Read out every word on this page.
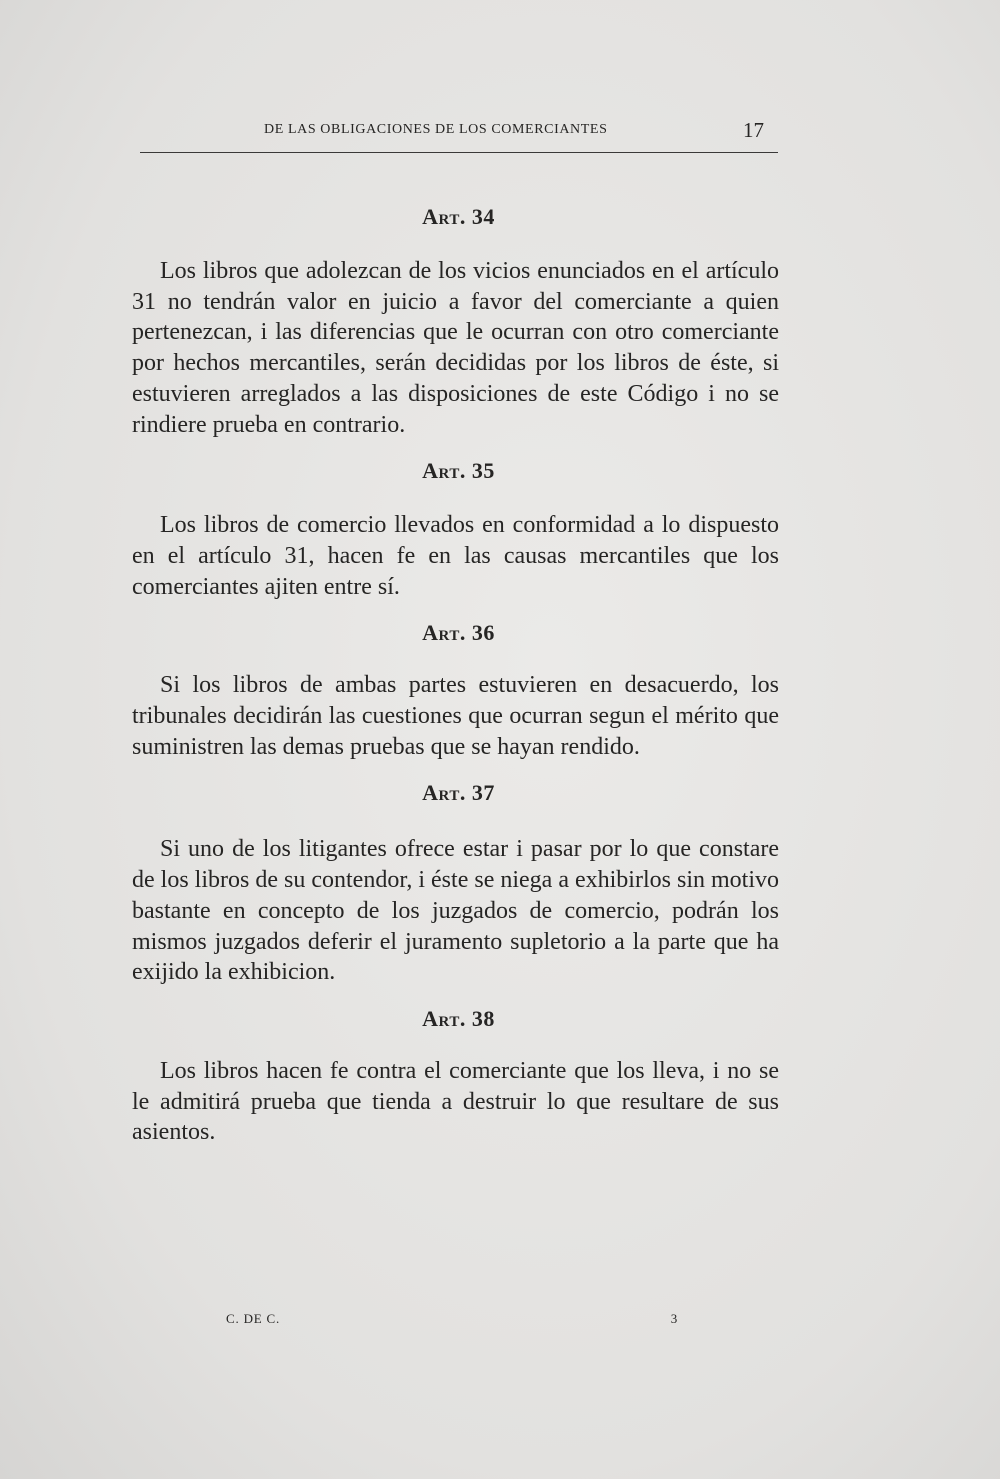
DE LAS OBLIGACIONES DE LOS COMERCIANTES	17
Art. 34

Los libros que adolezcan de los vicios enunciados en el artículo 31 no tendrán valor en juicio a favor del comerciante a quien pertenezcan, i las diferencias que le ocurran con otro comerciante por hechos mercantiles, serán decididas por los libros de éste, si estuvieren arreglados a las disposiciones de este Código i no se rindiere prueba en contrario.

Art. 35

Los libros de comercio llevados en conformidad a lo dispuesto en el artículo 31, hacen fe en las causas mercantiles que los comerciantes ajiten entre sí.

Art. 36

Si los libros de ambas partes estuvieren en desacuerdo, los tribunales decidirán las cuestiones que ocurran segun el mérito que suministren las demas pruebas que se hayan rendido.

Art. 37

Si uno de los litigantes ofrece estar i pasar por lo que constare de los libros de su contendor, i éste se niega a exhibirlos sin motivo bastante en concepto de los juzgados de comercio, podrán los mismos juzgados deferir el juramento supletorio a la parte que ha exijido la exhibicion.

Art. 38

Los libros hacen fe contra el comerciante que los lleva, i no se le admitirá prueba que tienda a destruir lo que resultare de sus asientos.

C. DE C.	3
